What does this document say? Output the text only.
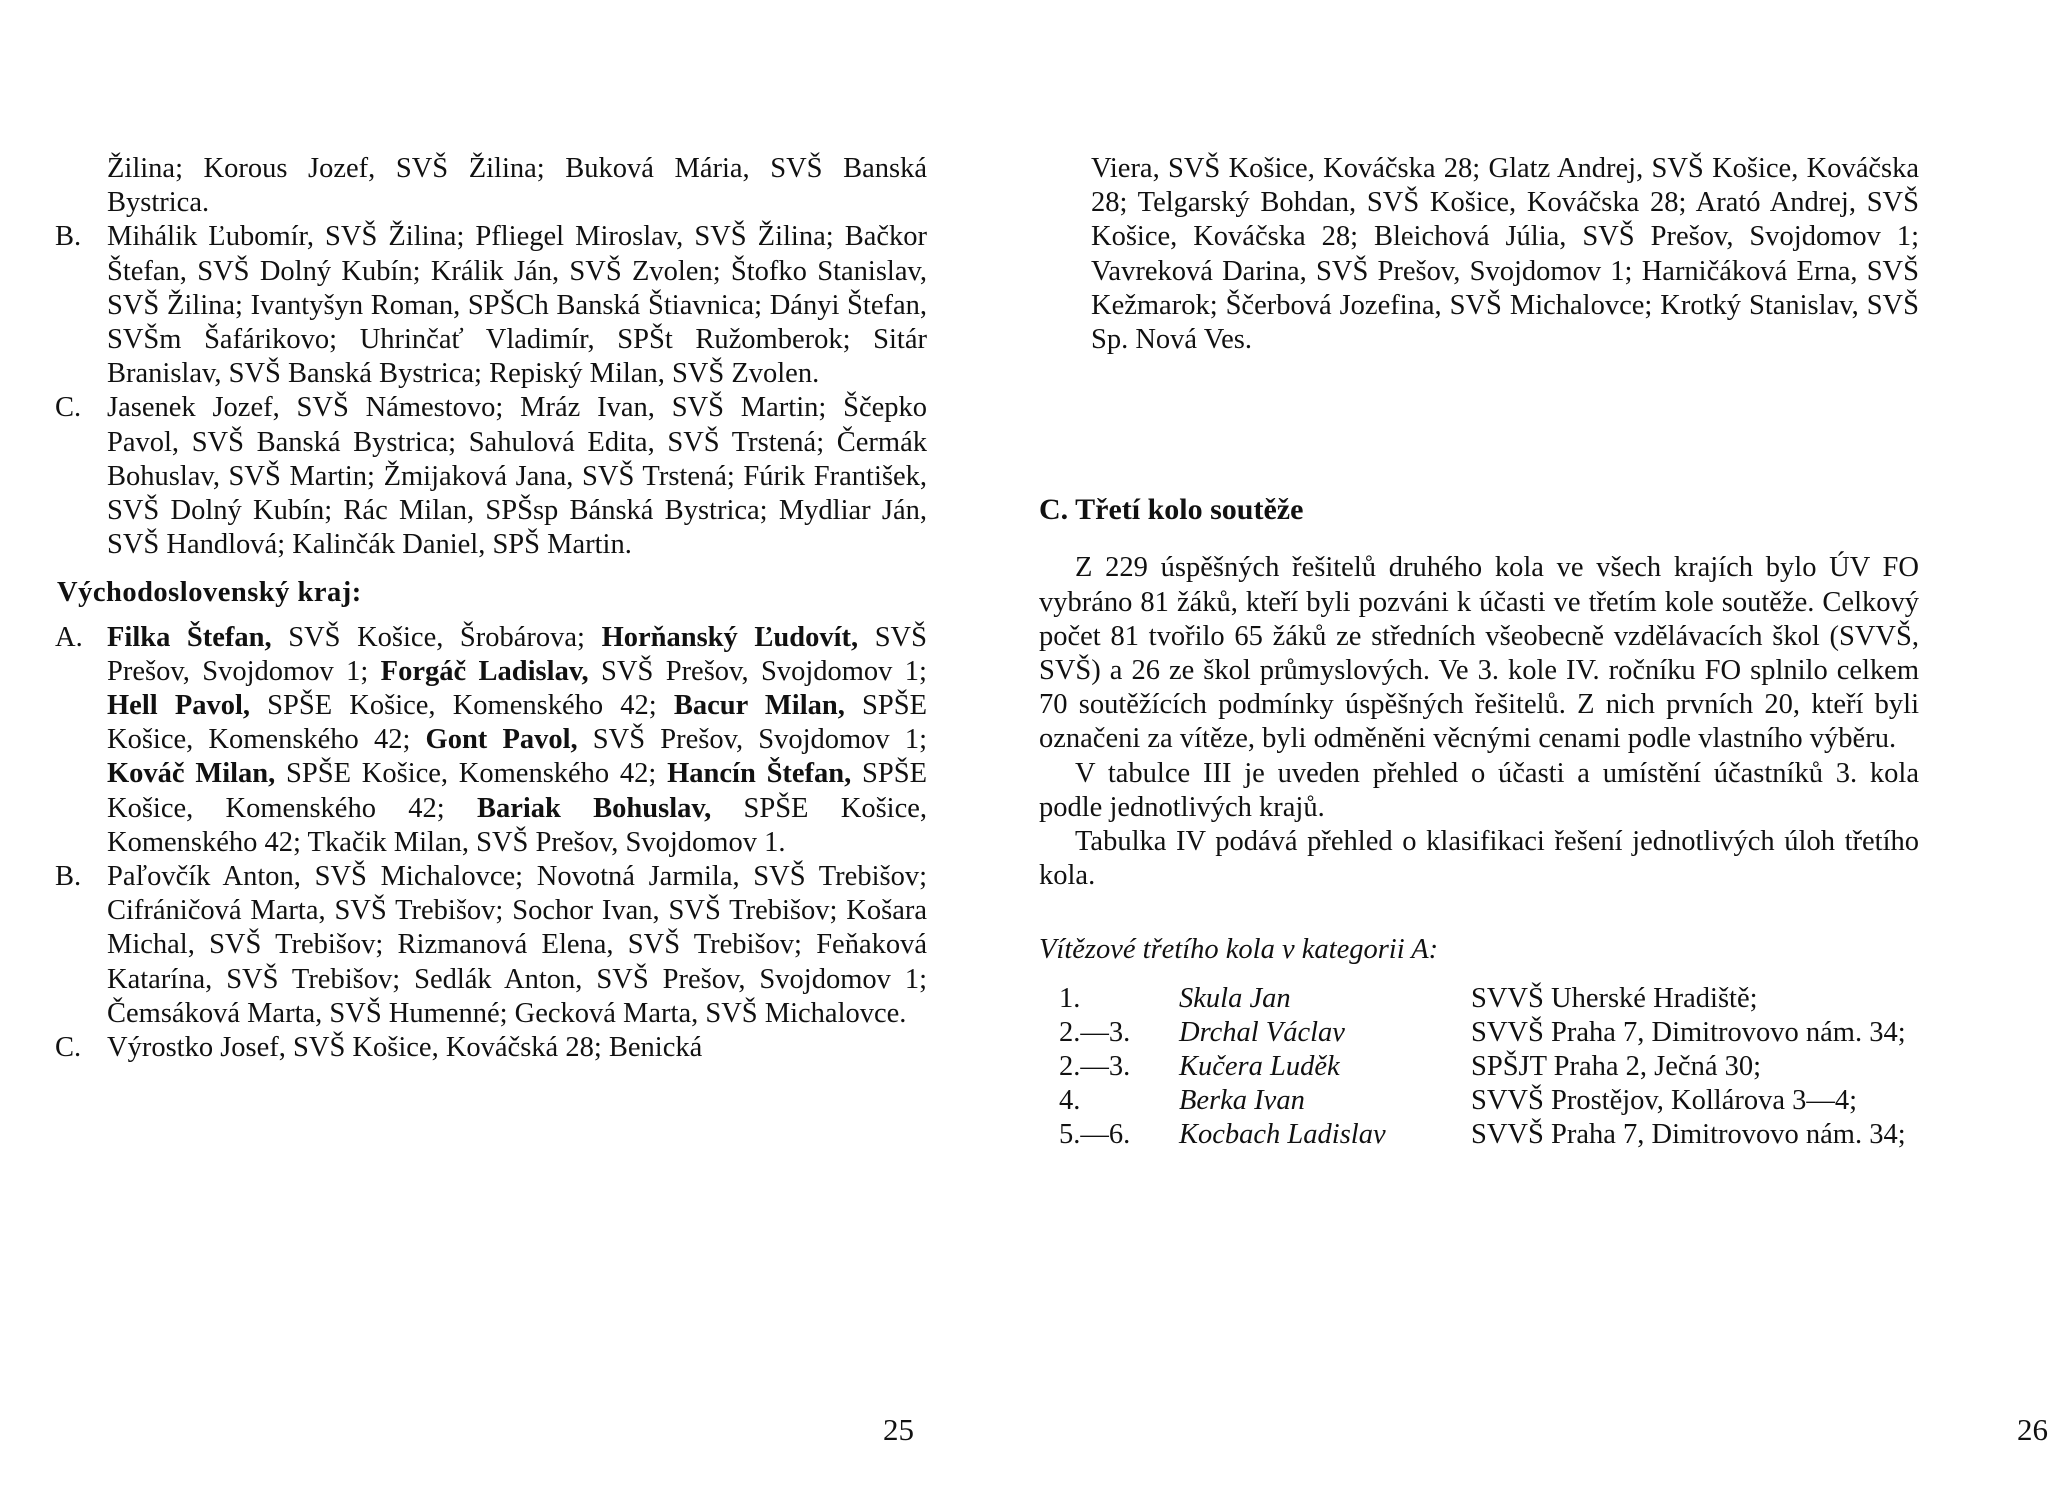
Žilina; Korous Jozef, SVŠ Žilina; Buková Mária, SVŠ Banská Bystrica.

B. Mihálik Ľubomír, SVŠ Žilina; Pfliegel Miroslav, SVŠ Žilina; Bačkor Štefan, SVŠ Dolný Kubín; Králik Ján, SVŠ Zvolen; Štofko Stanislav, SVŠ Žilina; Ivantyšyn Roman, SPŠCh Banská Štiavnica; Dányi Štefan, SVŠm Šafárikovo; Uhrinčať Vladimír, SPŠt Ružomberok; Sitár Branislav, SVŠ Banská Bystrica; Repiský Milan, SVŠ Zvolen.
C. Jasenek Jozef, SVŠ Námestovo; Mráz Ivan, SVŠ Martin; Ščepko Pavol, SVŠ Banská Bystrica; Sahulová Edita, SVŠ Trstená; Čermák Bohuslav, SVŠ Martin; Žmijaková Jana, SVŠ Trstená; Fúrik František, SVŠ Dolný Kubín; Rác Milan, SPŠsp Bánská Bystrica; Mydliar Ján, SVŠ Handlová; Kalinčák Daniel, SPŠ Martin.

Východoslovenský kraj:

A. Filka Štefan, SVŠ Košice, Šrobárova; Horňanský Ľudovít, SVŠ Prešov, Svojdomov 1; Forgáč Ladislav, SVŠ Prešov, Svojdomov 1; Hell Pavol, SPŠE Košice, Komenského 42; Bacur Milan, SPŠE Košice, Komenského 42; Gont Pavol, SVŠ Prešov, Svojdomov 1; Kováč Milan, SPŠE Košice, Komenského 42; Hancín Štefan, SPŠE Košice, Komenského 42; Bariak Bohuslav, SPŠE Košice, Komenského 42; Tkačik Milan, SVŠ Prešov, Svojdomov 1.
B. Paľovčík Anton, SVŠ Michalovce; Novotná Jarmila, SVŠ Trebišov; Cifráničová Marta, SVŠ Trebišov; Sochor Ivan, SVŠ Trebišov; Košara Michal, SVŠ Trebišov; Rizmanová Elena, SVŠ Trebišov; Feňaková Katarína, SVŠ Trebišov; Sedlák Anton, SVŠ Prešov, Svojdomov 1; Čemsáková Marta, SVŠ Humenné; Gecková Marta, SVŠ Michalovce.
C. Výrostko Josef, SVŠ Košice, Kováčská 28; Benická
25

Viera, SVŠ Košice, Kováčska 28; Glatz Andrej, SVŠ Košice, Kováčska 28; Telgarský Bohdan, SVŠ Košice, Kováčska 28; Arató Andrej, SVŠ Košice, Kováčska 28; Bleichová Júlia, SVŠ Prešov, Svojdomov 1; Vavreková Darina, SVŠ Prešov, Svojdomov 1; Harničáková Erna, SVŠ Kežmarok; Ščerbová Jozefina, SVŠ Michalovce; Krotký Stanislav, SVŠ Sp. Nová Ves.

C. Třetí kolo soutěže

Z 229 úspěšných řešitelů druhého kola ve všech krajích bylo ÚV FO vybráno 81 žáků, kteří byli pozváni k účasti ve třetím kole soutěže. Celkový počet 81 tvořilo 65 žáků ze středních všeobecně vzdělávacích škol (SVVŠ, SVŠ) a 26 ze škol průmyslových. Ve 3. kole IV. ročníku FO splnilo celkem 70 soutěžících podmínky úspěšných řešitelů. Z nich prvních 20, kteří byli označeni za vítěze, byli odměněni věcnými cenami podle vlastního výběru.

V tabulce III je uveden přehled o účasti a umístění účastníků 3. kola podle jednotlivých krajů.

Tabulka IV podává přehled o klasifikaci řešení jednotlivých úloh třetího kola.

Vítězové třetího kola v kategorii A:

1.	Skula Jan	SVVŠ Uherské Hradiště;
2.—3.	Drchal Václav	SVVŠ Praha 7, Dimitrovovo nám. 34;
2.—3.	Kučera Luděk	SPŠJT Praha 2, Ječná 30;
4.	Berka Ivan	SVVŠ Prostějov, Kollárova 3—4;
5.—6.	Kocbach Ladislav	SVVŠ Praha 7, Dimitrovovo nám. 34;
26
